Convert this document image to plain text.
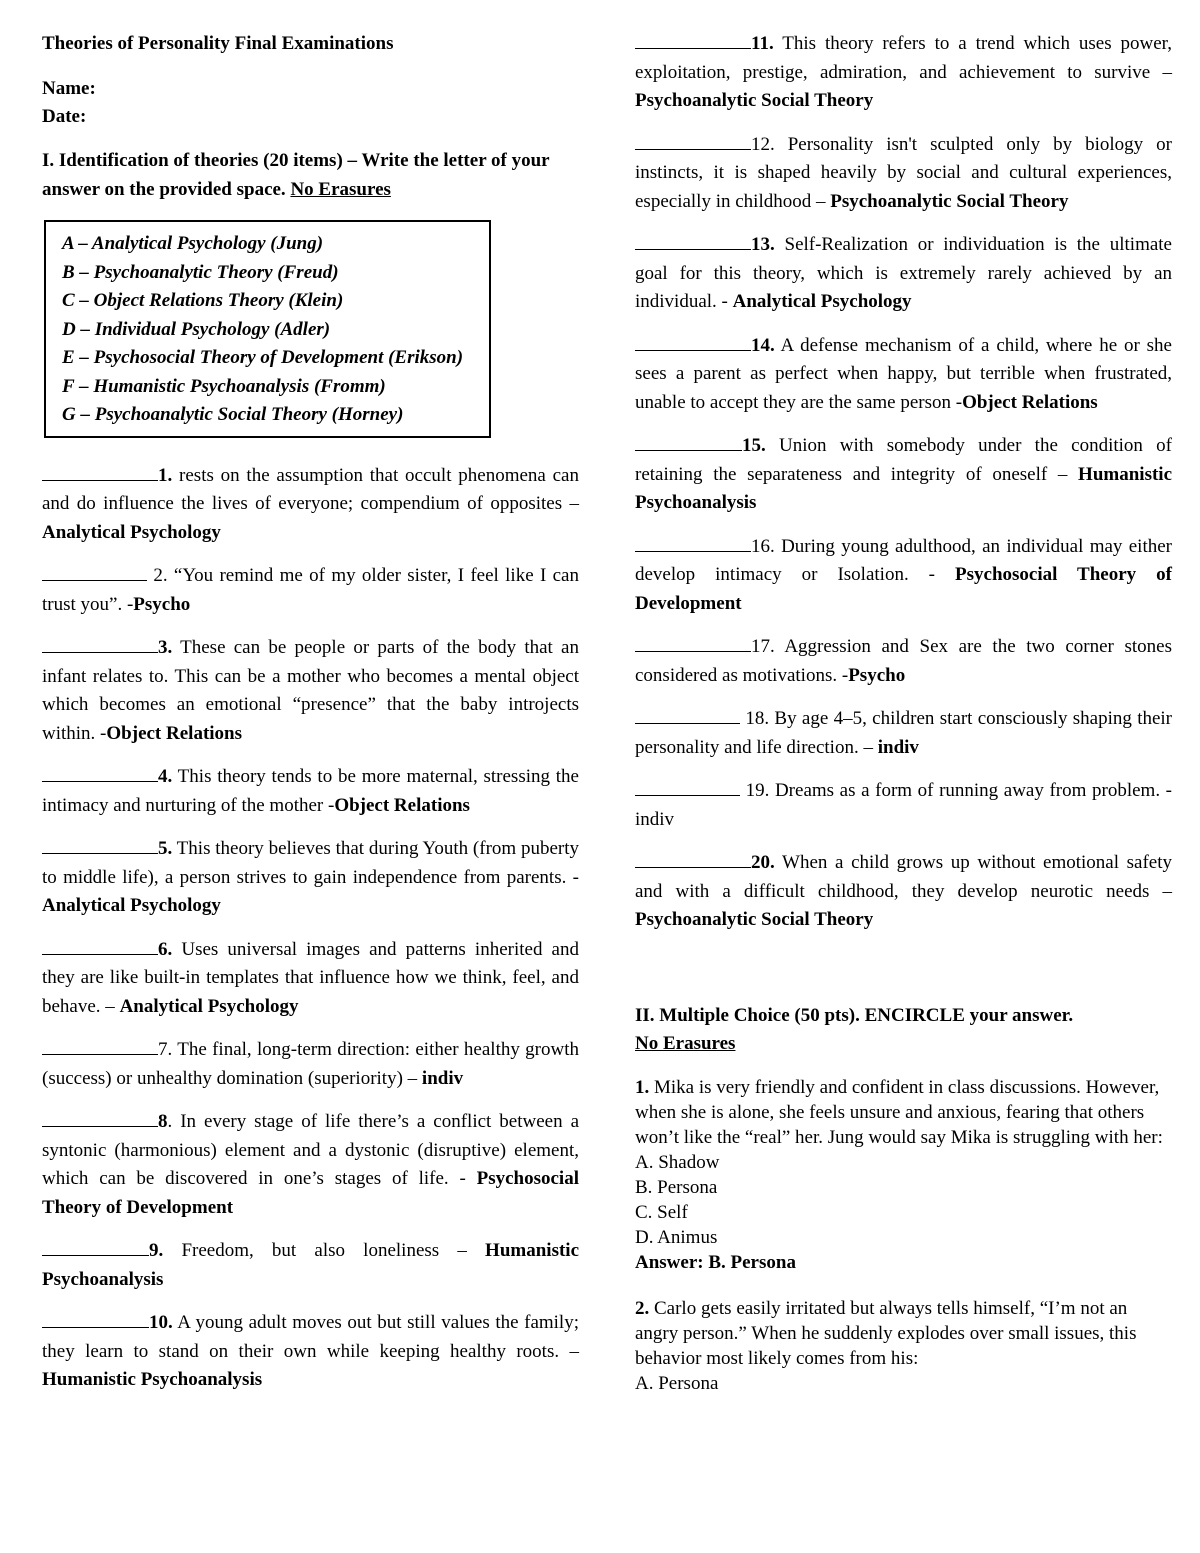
Theories of Personality Final Examinations

Name:

Date:

I. Identification of theories (20 items) – Write the letter of your answer on the provided space. No Erasures

A – Analytical Psychology (Jung)
B – Psychoanalytic Theory (Freud)
C – Object Relations Theory (Klein)
D – Individual Psychology (Adler)
E – Psychosocial Theory of Development (Erikson)
F – Humanistic Psychoanalysis (Fromm)
G – Psychoanalytic Social Theory (Horney)

1. rests on the assumption that occult phenomena can and do influence the lives of everyone; compendium of opposites – Analytical Psychology

2. “You remind me of my older sister, I feel like I can trust you”. -Psycho

3. These can be people or parts of the body that an infant relates to. This can be a mother who becomes a mental object which becomes an emotional “presence” that the baby introjects within. -Object Relations

4. This theory tends to be more maternal, stressing the intimacy and nurturing of the mother -Object Relations

5. This theory believes that during Youth (from puberty to middle life), a person strives to gain independence from parents. - Analytical Psychology

6. Uses universal images and patterns inherited and they are like built-in templates that influence how we think, feel, and behave. – Analytical Psychology

7. The final, long-term direction: either healthy growth (success) or unhealthy domination (superiority) – indiv

8. In every stage of life there’s a conflict between a syntonic (harmonious) element and a dystonic (disruptive) element, which can be discovered in one’s stages of life. - Psychosocial Theory of Development

9. Freedom, but also loneliness – Humanistic Psychoanalysis

10. A young adult moves out but still values the family; they learn to stand on their own while keeping healthy roots. – Humanistic Psychoanalysis

11. This theory refers to a trend which uses power, exploitation, prestige, admiration, and achievement to survive – Psychoanalytic Social Theory

12. Personality isn't sculpted only by biology or instincts, it is shaped heavily by social and cultural experiences, especially in childhood – Psychoanalytic Social Theory

13. Self-Realization or individuation is the ultimate goal for this theory, which is extremely rarely achieved by an individual. - Analytical Psychology

14. A defense mechanism of a child, where he or she sees a parent as perfect when happy, but terrible when frustrated, unable to accept they are the same person -Object Relations

15. Union with somebody under the condition of retaining the separateness and integrity of oneself – Humanistic Psychoanalysis

16. During young adulthood, an individual may either develop intimacy or Isolation. - Psychosocial Theory of Development

17. Aggression and Sex are the two corner stones considered as motivations. -Psycho

18. By age 4–5, children start consciously shaping their personality and life direction. – indiv

19. Dreams as a form of running away from problem. - indiv

20. When a child grows up without emotional safety and with a difficult childhood, they develop neurotic needs – Psychoanalytic Social Theory

II. Multiple Choice (50 pts). ENCIRCLE your answer.
No Erasures

1. Mika is very friendly and confident in class discussions. However, when she is alone, she feels unsure and anxious, fearing that others won’t like the “real” her. Jung would say Mika is struggling with her:
A. Shadow
B. Persona
C. Self
D. Animus
Answer: B. Persona
2. Carlo gets easily irritated but always tells himself, “I’m not an angry person.” When he suddenly explodes over small issues, this behavior most likely comes from his:
A. Persona
